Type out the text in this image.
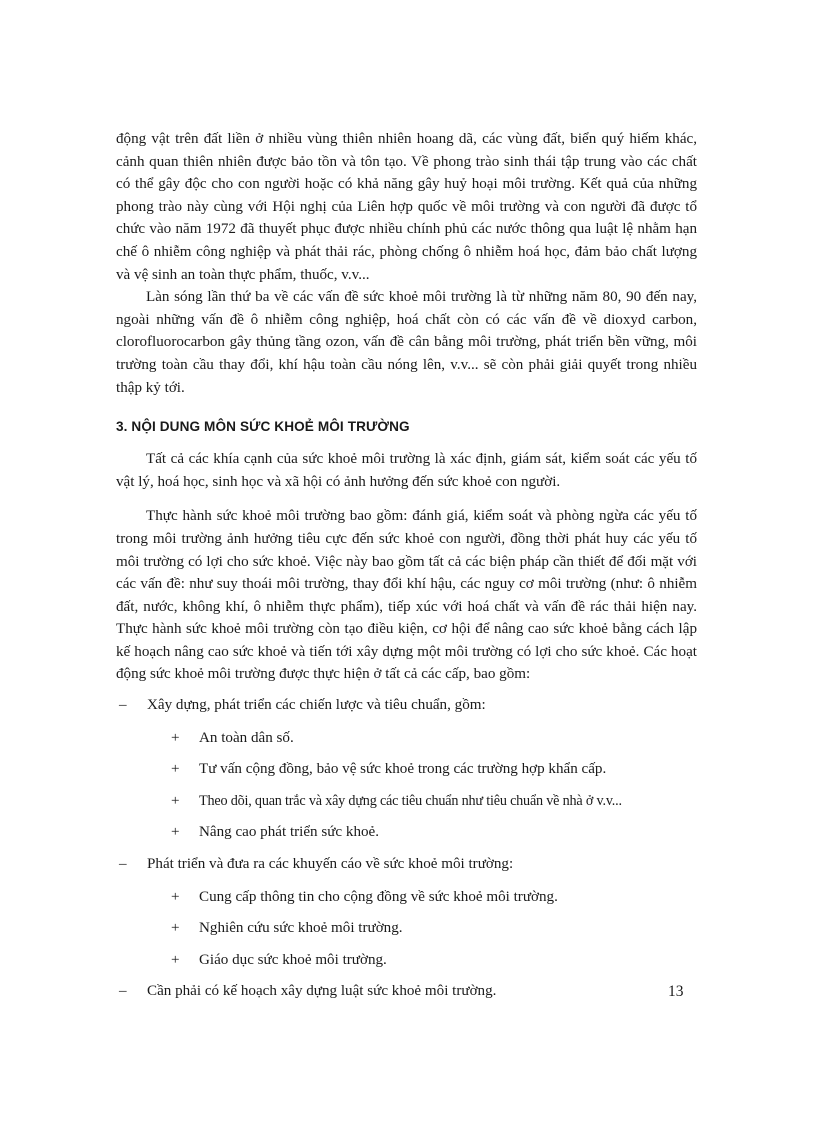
động vật trên đất liền ở nhiều vùng thiên nhiên hoang dã, các vùng đất, biển quý hiếm khác, cảnh quan thiên nhiên được bảo tồn và tôn tạo. Về phong trào sinh thái tập trung vào các chất có thể gây độc cho con người hoặc có khả năng gây huỷ hoại môi trường. Kết quả của những phong trào này cùng với Hội nghị của Liên hợp quốc về môi trường và con người đã được tổ chức vào năm 1972 đã thuyết phục được nhiều chính phủ các nước thông qua luật lệ nhằm hạn chế ô nhiễm công nghiệp và phát thải rác, phòng chống ô nhiễm hoá học, đảm bảo chất lượng và vệ sinh an toàn thực phẩm, thuốc, v.v...

Làn sóng lần thứ ba về các vấn đề sức khoẻ môi trường là từ những năm 80, 90 đến nay, ngoài những vấn đề ô nhiễm công nghiệp, hoá chất còn có các vấn đề về dioxyd carbon, clorofluorocarbon gây thủng tầng ozon, vấn đề cân bằng môi trường, phát triển bền vững, môi trường toàn cầu thay đổi, khí hậu toàn cầu nóng lên, v.v... sẽ còn phải giải quyết trong nhiều thập kỷ tới.

3. NỘI DUNG MÔN SỨC KHOẺ MÔI TRƯỜNG

Tất cả các khía cạnh của sức khoẻ môi trường là xác định, giám sát, kiểm soát các yếu tố vật lý, hoá học, sinh học và xã hội có ảnh hưởng đến sức khoẻ con người.

Thực hành sức khoẻ môi trường bao gồm: đánh giá, kiểm soát và phòng ngừa các yếu tố trong môi trường ảnh hưởng tiêu cực đến sức khoẻ con người, đồng thời phát huy các yếu tố môi trường có lợi cho sức khoẻ. Việc này bao gồm tất cả các biện pháp cần thiết để đối mặt với các vấn đề: như suy thoái môi trường, thay đổi khí hậu, các nguy cơ môi trường (như: ô nhiễm đất, nước, không khí, ô nhiễm thực phẩm), tiếp xúc với hoá chất và vấn đề rác thải hiện nay. Thực hành sức khoẻ môi trường còn tạo điều kiện, cơ hội để nâng cao sức khoẻ bằng cách lập kế hoạch nâng cao sức khoẻ và tiến tới xây dựng một môi trường có lợi cho sức khoẻ. Các hoạt động sức khoẻ môi trường được thực hiện ở tất cả các cấp, bao gồm:

– Xây dựng, phát triển các chiến lược và tiêu chuẩn, gồm:
+ An toàn dân số.
+ Tư vấn cộng đồng, bảo vệ sức khoẻ trong các trường hợp khẩn cấp.
+ Theo dõi, quan trắc và xây dựng các tiêu chuẩn như tiêu chuẩn về nhà ở v.v...
+ Nâng cao phát triển sức khoẻ.
– Phát triển và đưa ra các khuyến cáo về sức khoẻ môi trường:
+ Cung cấp thông tin cho cộng đồng về sức khoẻ môi trường.
+ Nghiên cứu sức khoẻ môi trường.
+ Giáo dục sức khoẻ môi trường.
– Cần phải có kế hoạch xây dựng luật sức khoẻ môi trường.	13
